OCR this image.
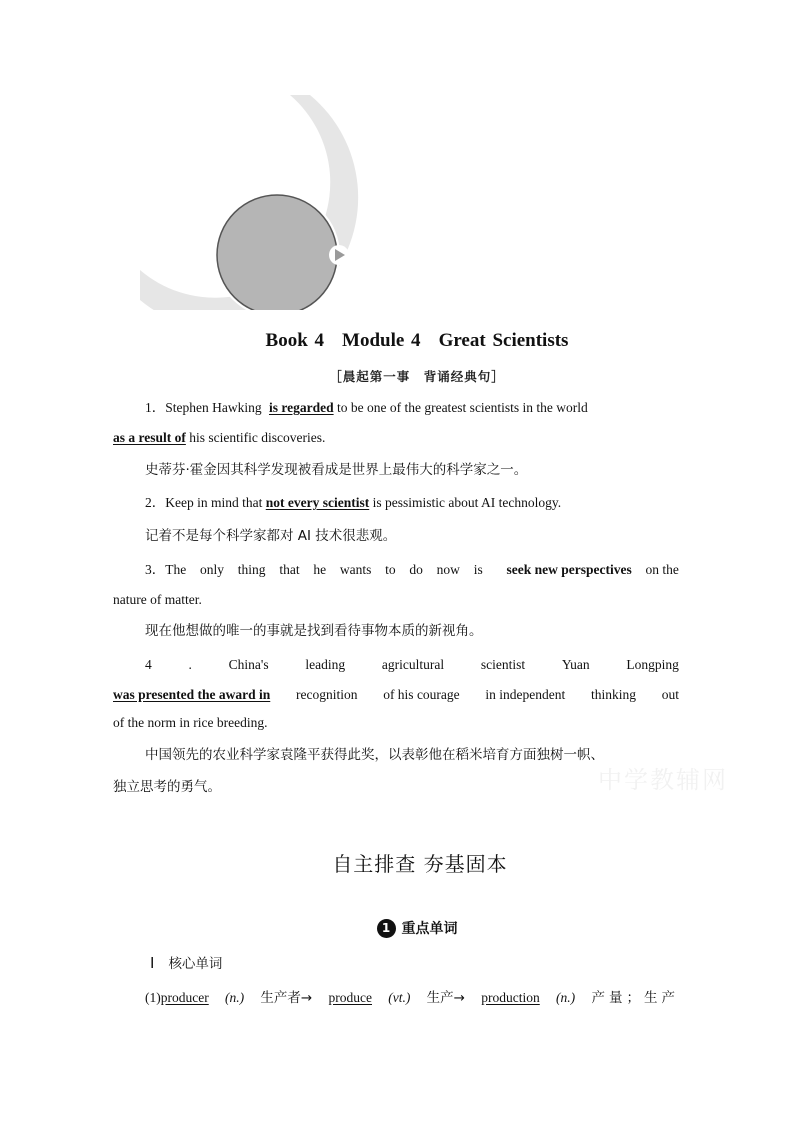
Book 4 Module 4 Great Scientists
［晨起第一事　背诵经典句］
1．Stephen Hawking is regarded to be one of the greatest scientists in the world
as a result of his scientific discoveries.
史蒂芬·霍金因其科学发现被看成是世界上最伟大的科学家之一。
2．Keep in mind that not every scientist is pessimistic about AI technology.
记着不是每个科学家都对 AI 技术很悲观。
3．The only thing that he wants to do now is seek new perspectives on the
nature of matter.
现在他想做的唯一的事就是找到看待事物本质的新视角。
4	.	China's	leading	agricultural	scientist	Yuan	Longping
was presented the award in recognition of his courage in independent thinking out
of the norm in rice breeding.
中国领先的农业科学家袁隆平获得此奖，以表彰他在稻米培育方面独树一帜、
独立思考的勇气。	中学教辅网
自主排查 夯基固本
1 重点单词
Ⅰ 核心单词
(1)producer (n.) 生产者→ produce (vt.) 生产→ production (n.) 产量；生产
